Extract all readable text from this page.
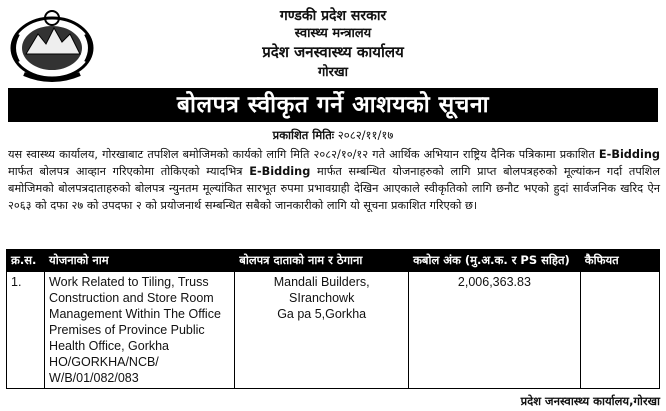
गण्डकी प्रदेश सरकार
स्वास्थ्य मन्त्रालय
प्रदेश जनस्वास्थ्य कार्यालय
गोरखा
बोलपत्र स्वीकृत गर्ने आशयको सूचना
प्रकाशित मितिः २०८२/११/१७
यस स्वास्थ्य कार्यालय, गोरखाबाट तपशिल बमोजिमको कार्यको लागि मिति २०८२/१०/१२ गते आर्थिक अभियान राष्ट्रिय दैनिक पत्रिकामा प्रकाशित E-Bidding मार्फत बोलपत्र आव्हान गरिएकोमा तोकिएको म्यादभित्र E-Bidding मार्फत सम्बन्धित योजनाहरुको लागि प्राप्त बोलपत्रहरुको मूल्यांकन गर्दा तपशिल बमोजिमको बोलपत्रदाताहरुको बोलपत्र न्युनतम मूल्यांकित सारभूत रुपमा प्रभावग्राही देखिन आएकाले स्वीकृतिको लागि छनौट भएको हुदां सार्वजनिक खरिद ऐन २०६३ को दफा २७ को उपदफा २ को प्रयोजनार्थ सम्बन्धित सबैको जानकारीको लागि यो सूचना प्रकाशित गरिएको छ।
क्र.स.	योजनाको नाम	बोलपत्र दाताको नाम र ठेगाना	कबोल अंक (मु.अ.क. र PS सहित)	कैफियत
1.	Work Related to Tiling, Truss Construction and Store Room Management Within The Office Premises of Province Public Health Office, Gorkha HO/GORKHA/NCB/ W/B/01/082/083	Mandali Builders,
SIranchowk
Ga pa 5,Gorkha	2,006,363.83	
प्रदेश जनस्वास्थ्य कार्यालय,गोरखा
